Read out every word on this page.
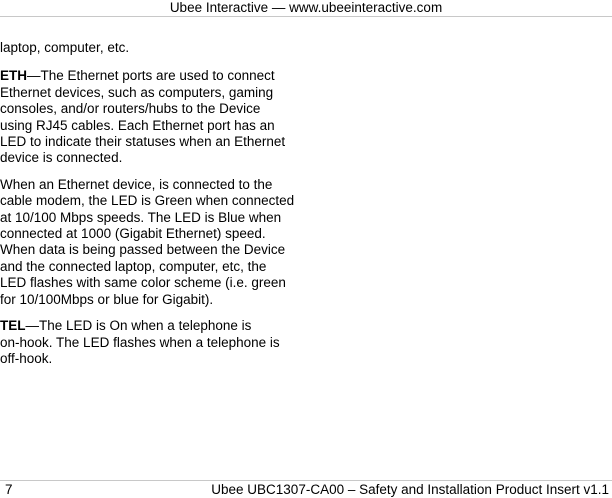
Ubee Interactive — www.ubeeinteractive.com

laptop, computer, etc.

ETH—The Ethernet ports are used to connect
Ethernet devices, such as computers, gaming
consoles, and/or routers/hubs to the Device
using RJ45 cables. Each Ethernet port has an
LED to indicate their statuses when an Ethernet
device is connected.

When an Ethernet device, is connected to the
cable modem, the LED is Green when connected
at 10/100 Mbps speeds. The LED is Blue when
connected at 1000 (Gigabit Ethernet) speed.
When data is being passed between the Device
and the connected laptop, computer, etc, the
LED flashes with same color scheme (i.e. green
for 10/100Mbps or blue for Gigabit).

TEL—The LED is On when a telephone is
on-hook. The LED flashes when a telephone is
off-hook.

7	Ubee UBC1307-CA00 – Safety and Installation Product Insert v1.1
